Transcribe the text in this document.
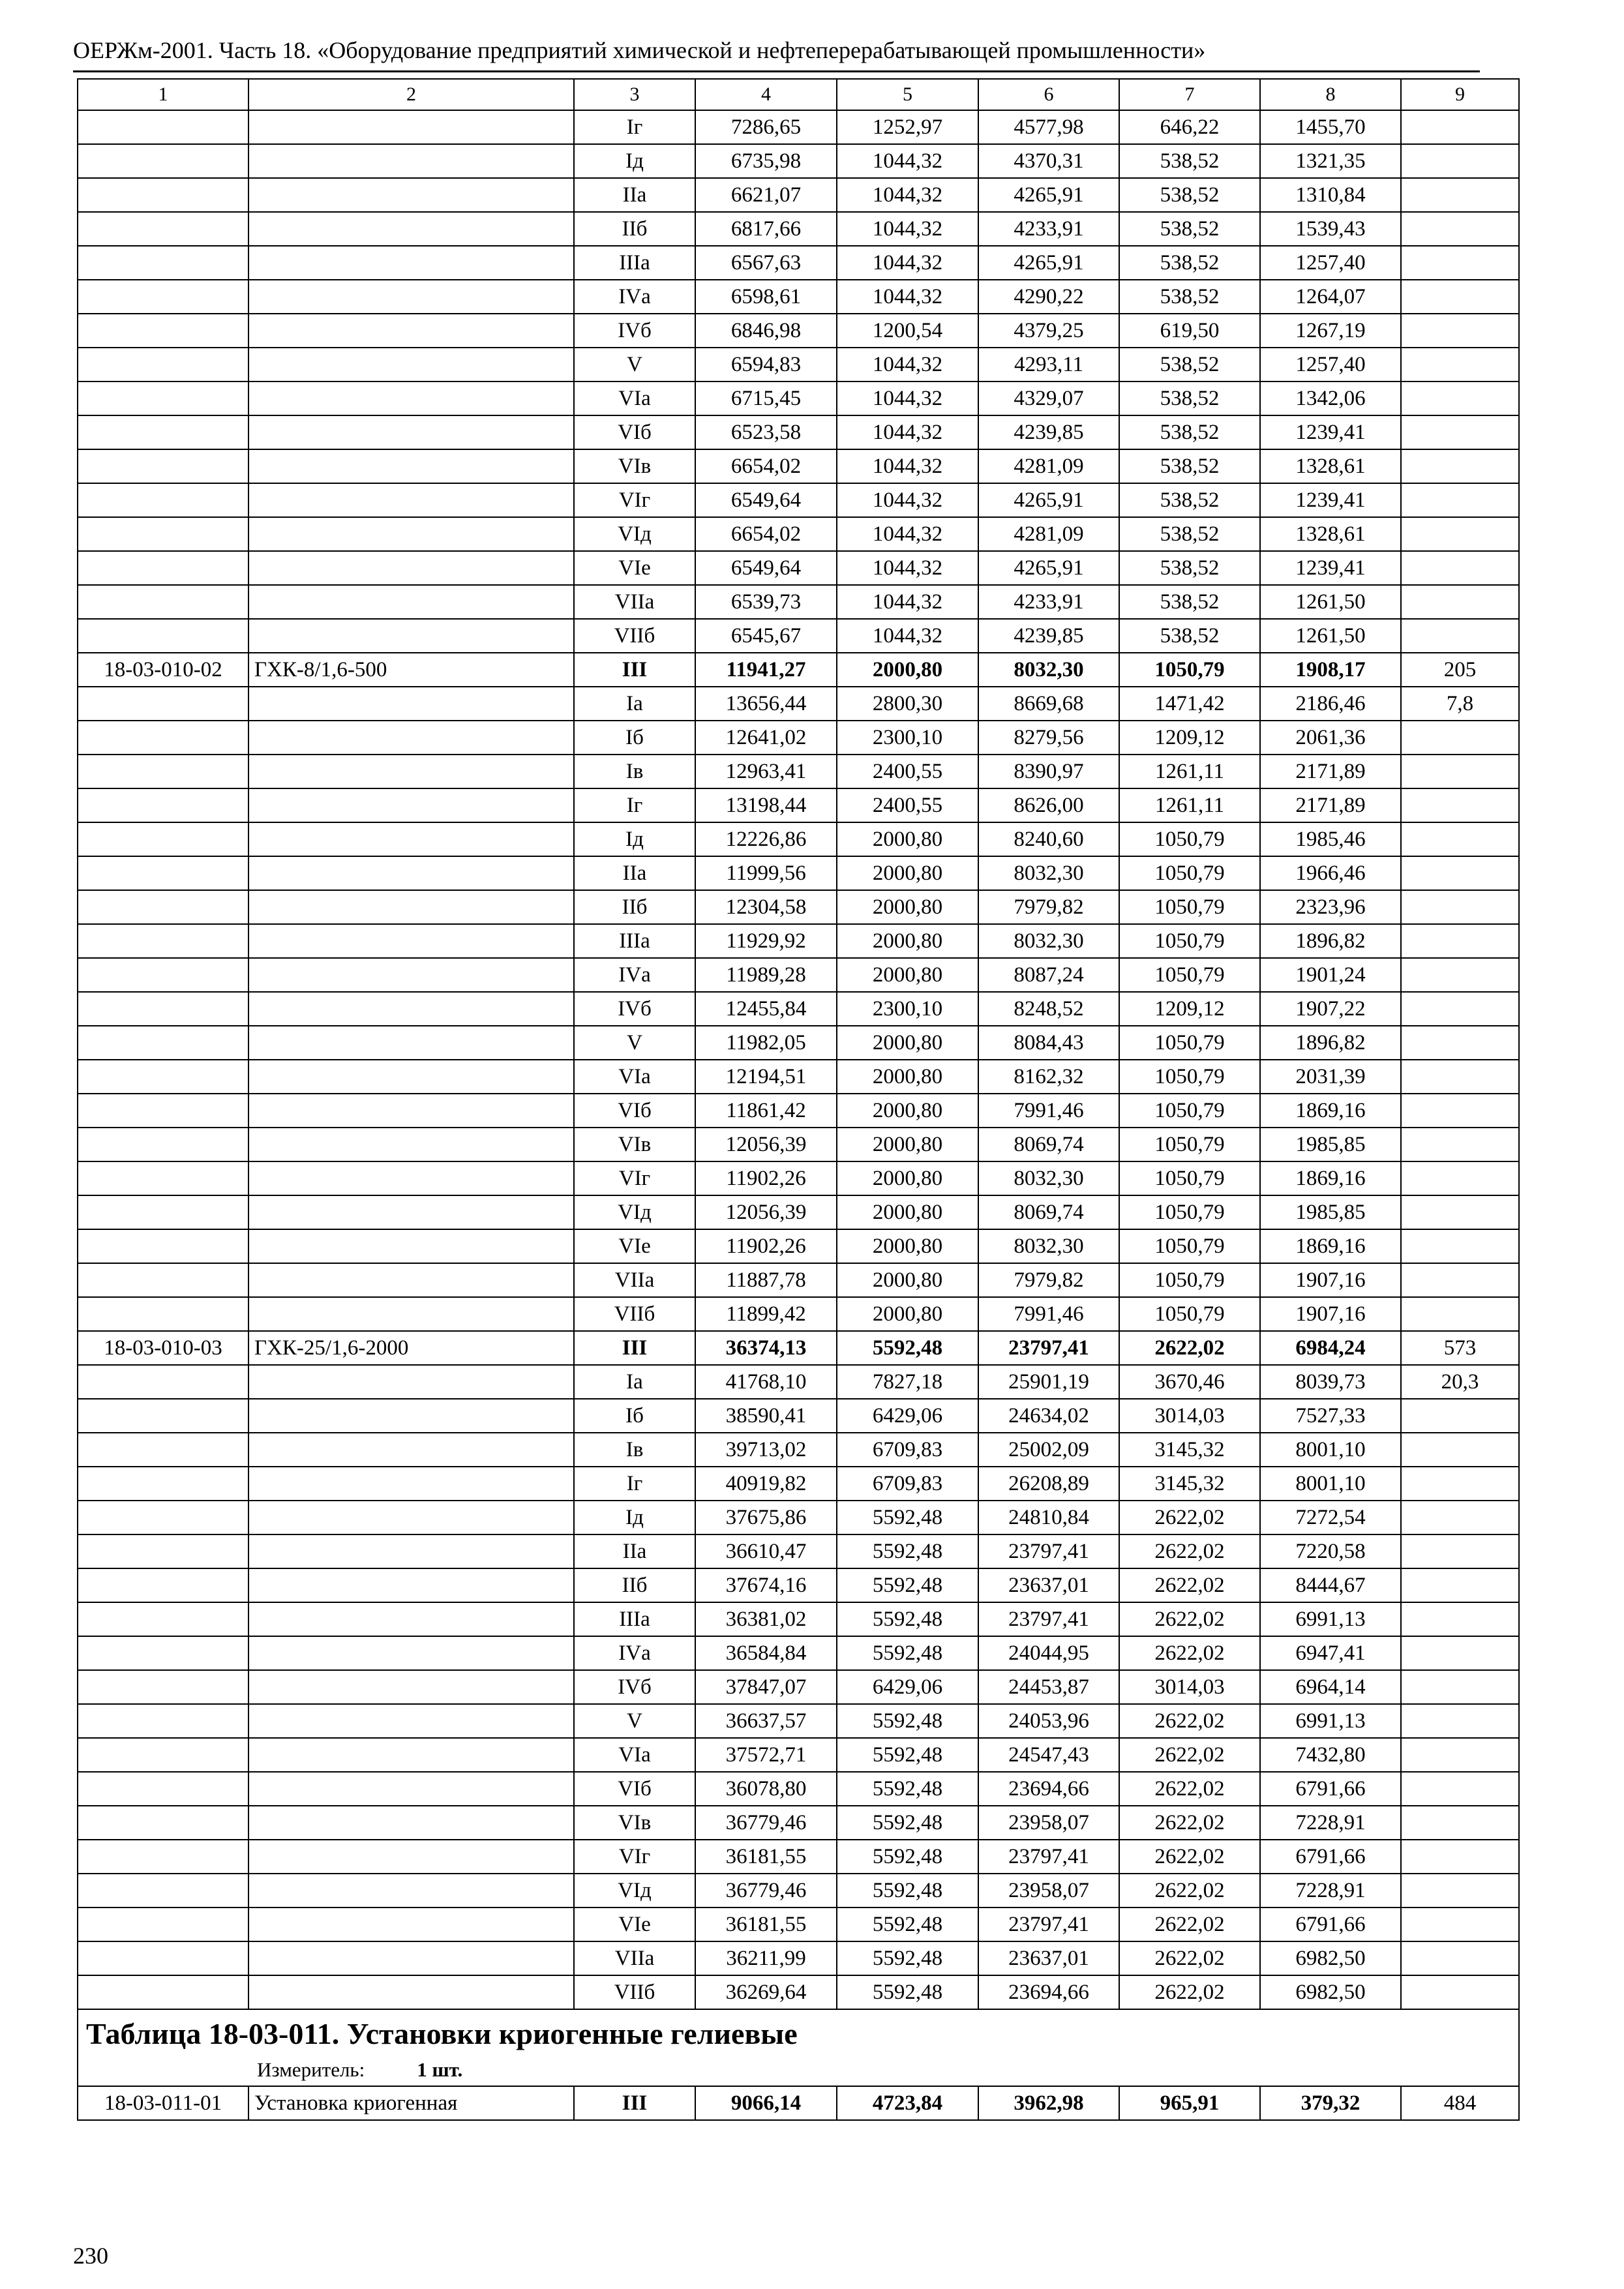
ОЕРЖм-2001. Часть 18. «Оборудование предприятий химической и нефтеперерабатывающей промышленности»
1	2	3	4	5	6	7	8	9
		Iг	7286,65	1252,97	4577,98	646,22	1455,70	
		Iд	6735,98	1044,32	4370,31	538,52	1321,35	
		IIа	6621,07	1044,32	4265,91	538,52	1310,84	
		IIб	6817,66	1044,32	4233,91	538,52	1539,43	
		IIIа	6567,63	1044,32	4265,91	538,52	1257,40	
		IVа	6598,61	1044,32	4290,22	538,52	1264,07	
		IVб	6846,98	1200,54	4379,25	619,50	1267,19	
		V	6594,83	1044,32	4293,11	538,52	1257,40	
		VIа	6715,45	1044,32	4329,07	538,52	1342,06	
		VIб	6523,58	1044,32	4239,85	538,52	1239,41	
		VIв	6654,02	1044,32	4281,09	538,52	1328,61	
		VIг	6549,64	1044,32	4265,91	538,52	1239,41	
		VIд	6654,02	1044,32	4281,09	538,52	1328,61	
		VIе	6549,64	1044,32	4265,91	538,52	1239,41	
		VIIа	6539,73	1044,32	4233,91	538,52	1261,50	
		VIIб	6545,67	1044,32	4239,85	538,52	1261,50	
18-03-010-02	ГХК-8/1,6-500	III	11941,27	2000,80	8032,30	1050,79	1908,17	205
		Iа	13656,44	2800,30	8669,68	1471,42	2186,46	7,8
		Iб	12641,02	2300,10	8279,56	1209,12	2061,36	
		Iв	12963,41	2400,55	8390,97	1261,11	2171,89	
		Iг	13198,44	2400,55	8626,00	1261,11	2171,89	
		Iд	12226,86	2000,80	8240,60	1050,79	1985,46	
		IIа	11999,56	2000,80	8032,30	1050,79	1966,46	
		IIб	12304,58	2000,80	7979,82	1050,79	2323,96	
		IIIа	11929,92	2000,80	8032,30	1050,79	1896,82	
		IVа	11989,28	2000,80	8087,24	1050,79	1901,24	
		IVб	12455,84	2300,10	8248,52	1209,12	1907,22	
		V	11982,05	2000,80	8084,43	1050,79	1896,82	
		VIа	12194,51	2000,80	8162,32	1050,79	2031,39	
		VIб	11861,42	2000,80	7991,46	1050,79	1869,16	
		VIв	12056,39	2000,80	8069,74	1050,79	1985,85	
		VIг	11902,26	2000,80	8032,30	1050,79	1869,16	
		VIд	12056,39	2000,80	8069,74	1050,79	1985,85	
		VIе	11902,26	2000,80	8032,30	1050,79	1869,16	
		VIIа	11887,78	2000,80	7979,82	1050,79	1907,16	
		VIIб	11899,42	2000,80	7991,46	1050,79	1907,16	
18-03-010-03	ГХК-25/1,6-2000	III	36374,13	5592,48	23797,41	2622,02	6984,24	573
		Iа	41768,10	7827,18	25901,19	3670,46	8039,73	20,3
		Iб	38590,41	6429,06	24634,02	3014,03	7527,33	
		Iв	39713,02	6709,83	25002,09	3145,32	8001,10	
		Iг	40919,82	6709,83	26208,89	3145,32	8001,10	
		Iд	37675,86	5592,48	24810,84	2622,02	7272,54	
		IIа	36610,47	5592,48	23797,41	2622,02	7220,58	
		IIб	37674,16	5592,48	23637,01	2622,02	8444,67	
		IIIа	36381,02	5592,48	23797,41	2622,02	6991,13	
		IVа	36584,84	5592,48	24044,95	2622,02	6947,41	
		IVб	37847,07	6429,06	24453,87	3014,03	6964,14	
		V	36637,57	5592,48	24053,96	2622,02	6991,13	
		VIа	37572,71	5592,48	24547,43	2622,02	7432,80	
		VIб	36078,80	5592,48	23694,66	2622,02	6791,66	
		VIв	36779,46	5592,48	23958,07	2622,02	7228,91	
		VIг	36181,55	5592,48	23797,41	2622,02	6791,66	
		VIд	36779,46	5592,48	23958,07	2622,02	7228,91	
		VIе	36181,55	5592,48	23797,41	2622,02	6791,66	
		VIIа	36211,99	5592,48	23637,01	2622,02	6982,50	
		VIIб	36269,64	5592,48	23694,66	2622,02	6982,50	

Таблица 18-03-011. Установки криогенные гелиевые
Измеритель: 1 шт.								

18-03-011-01	Установка криогенная	III	9066,14	4723,84	3962,98	965,91	379,32	484
230
